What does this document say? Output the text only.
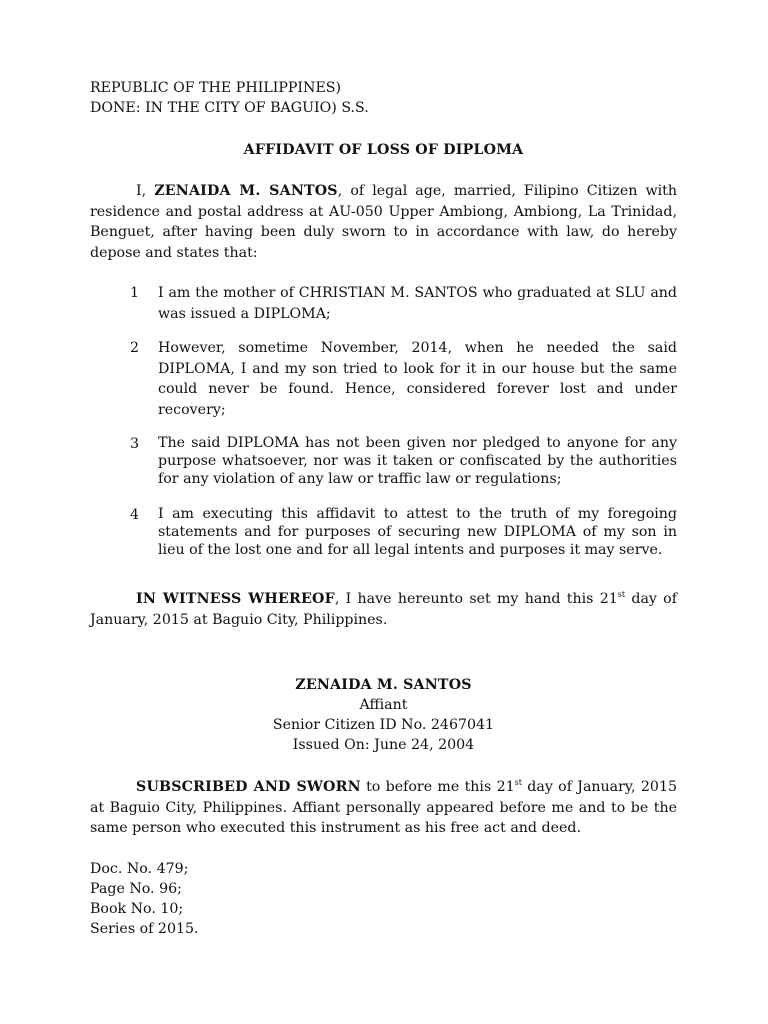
REPUBLIC OF THE PHILIPPINES)
DONE: IN THE CITY OF BAGUIO) S.S.
AFFIDAVIT OF LOSS OF DIPLOMA
I, ZENAIDA M. SANTOS, of legal age, married, Filipino Citizen with residence and postal address at AU-050 Upper Ambiong, Ambiong, La Trinidad, Benguet, after having been duly sworn to in accordance with law, do hereby depose and states that:
1	I am the mother of CHRISTIAN M. SANTOS who graduated at SLU and was issued a DIPLOMA;
2	However, sometime November, 2014, when he needed the said DIPLOMA, I and my son tried to look for it in our house but the same could never be found. Hence, considered forever lost and under recovery;
3	The said DIPLOMA has not been given nor pledged to anyone for any purpose whatsoever, nor was it taken or confiscated by the authorities for any violation of any law or traffic law or regulations;
4	I am executing this affidavit to attest to the truth of my foregoing statements and for purposes of securing new DIPLOMA of my son in lieu of the lost one and for all legal intents and purposes it may serve.
IN WITNESS WHEREOF, I have hereunto set my hand this 21st day of January, 2015 at Baguio City, Philippines.
ZENAIDA M. SANTOS
Affiant
Senior Citizen ID No. 2467041
Issued On: June 24, 2004
SUBSCRIBED AND SWORN to before me this 21st day of January, 2015 at Baguio City, Philippines. Affiant personally appeared before me and to be the same person who executed this instrument as his free act and deed.
Doc. No. 479;
Page No. 96;
Book No. 10;
Series of 2015.
